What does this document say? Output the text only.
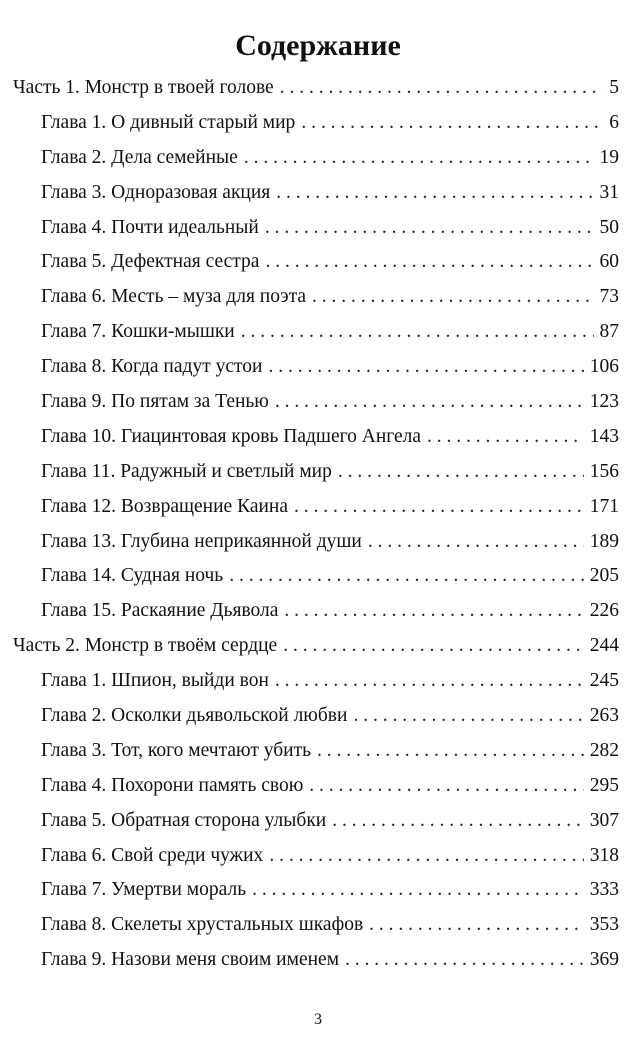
Содержание
Часть 1. Монстр в твоей голове . . .	5
Глава 1. О дивный старый мир . . .	6
Глава 2. Дела семейные . . .	19
Глава 3. Одноразовая акция . . .	31
Глава 4. Почти идеальный . . .	50
Глава 5. Дефектная сестра . . .	60
Глава 6. Месть – муза для поэта . . .	73
Глава 7. Кошки-мышки . . .	87
Глава 8. Когда падут устои . . .	106
Глава 9. По пятам за Тенью . . .	123
Глава 10. Гиацинтовая кровь Падшего Ангела . . .	143
Глава 11. Радужный и светлый мир . . .	156
Глава 12. Возвращение Каина . . .	171
Глава 13. Глубина неприкаянной души . . .	189
Глава 14. Судная ночь . . .	205
Глава 15. Раскаяние Дьявола . . .	226
Часть 2. Монстр в твоём сердце . . .	244
Глава 1. Шпион, выйди вон . . .	245
Глава 2. Осколки дьявольской любви . . .	263
Глава 3. Тот, кого мечтают убить . . .	282
Глава 4. Похорони память свою . . .	295
Глава 5. Обратная сторона улыбки . . .	307
Глава 6. Свой среди чужих . . .	318
Глава 7. Умертви мораль . . .	333
Глава 8. Скелеты хрустальных шкафов . . .	353
Глава 9. Назови меня своим именем . . .	369
3
